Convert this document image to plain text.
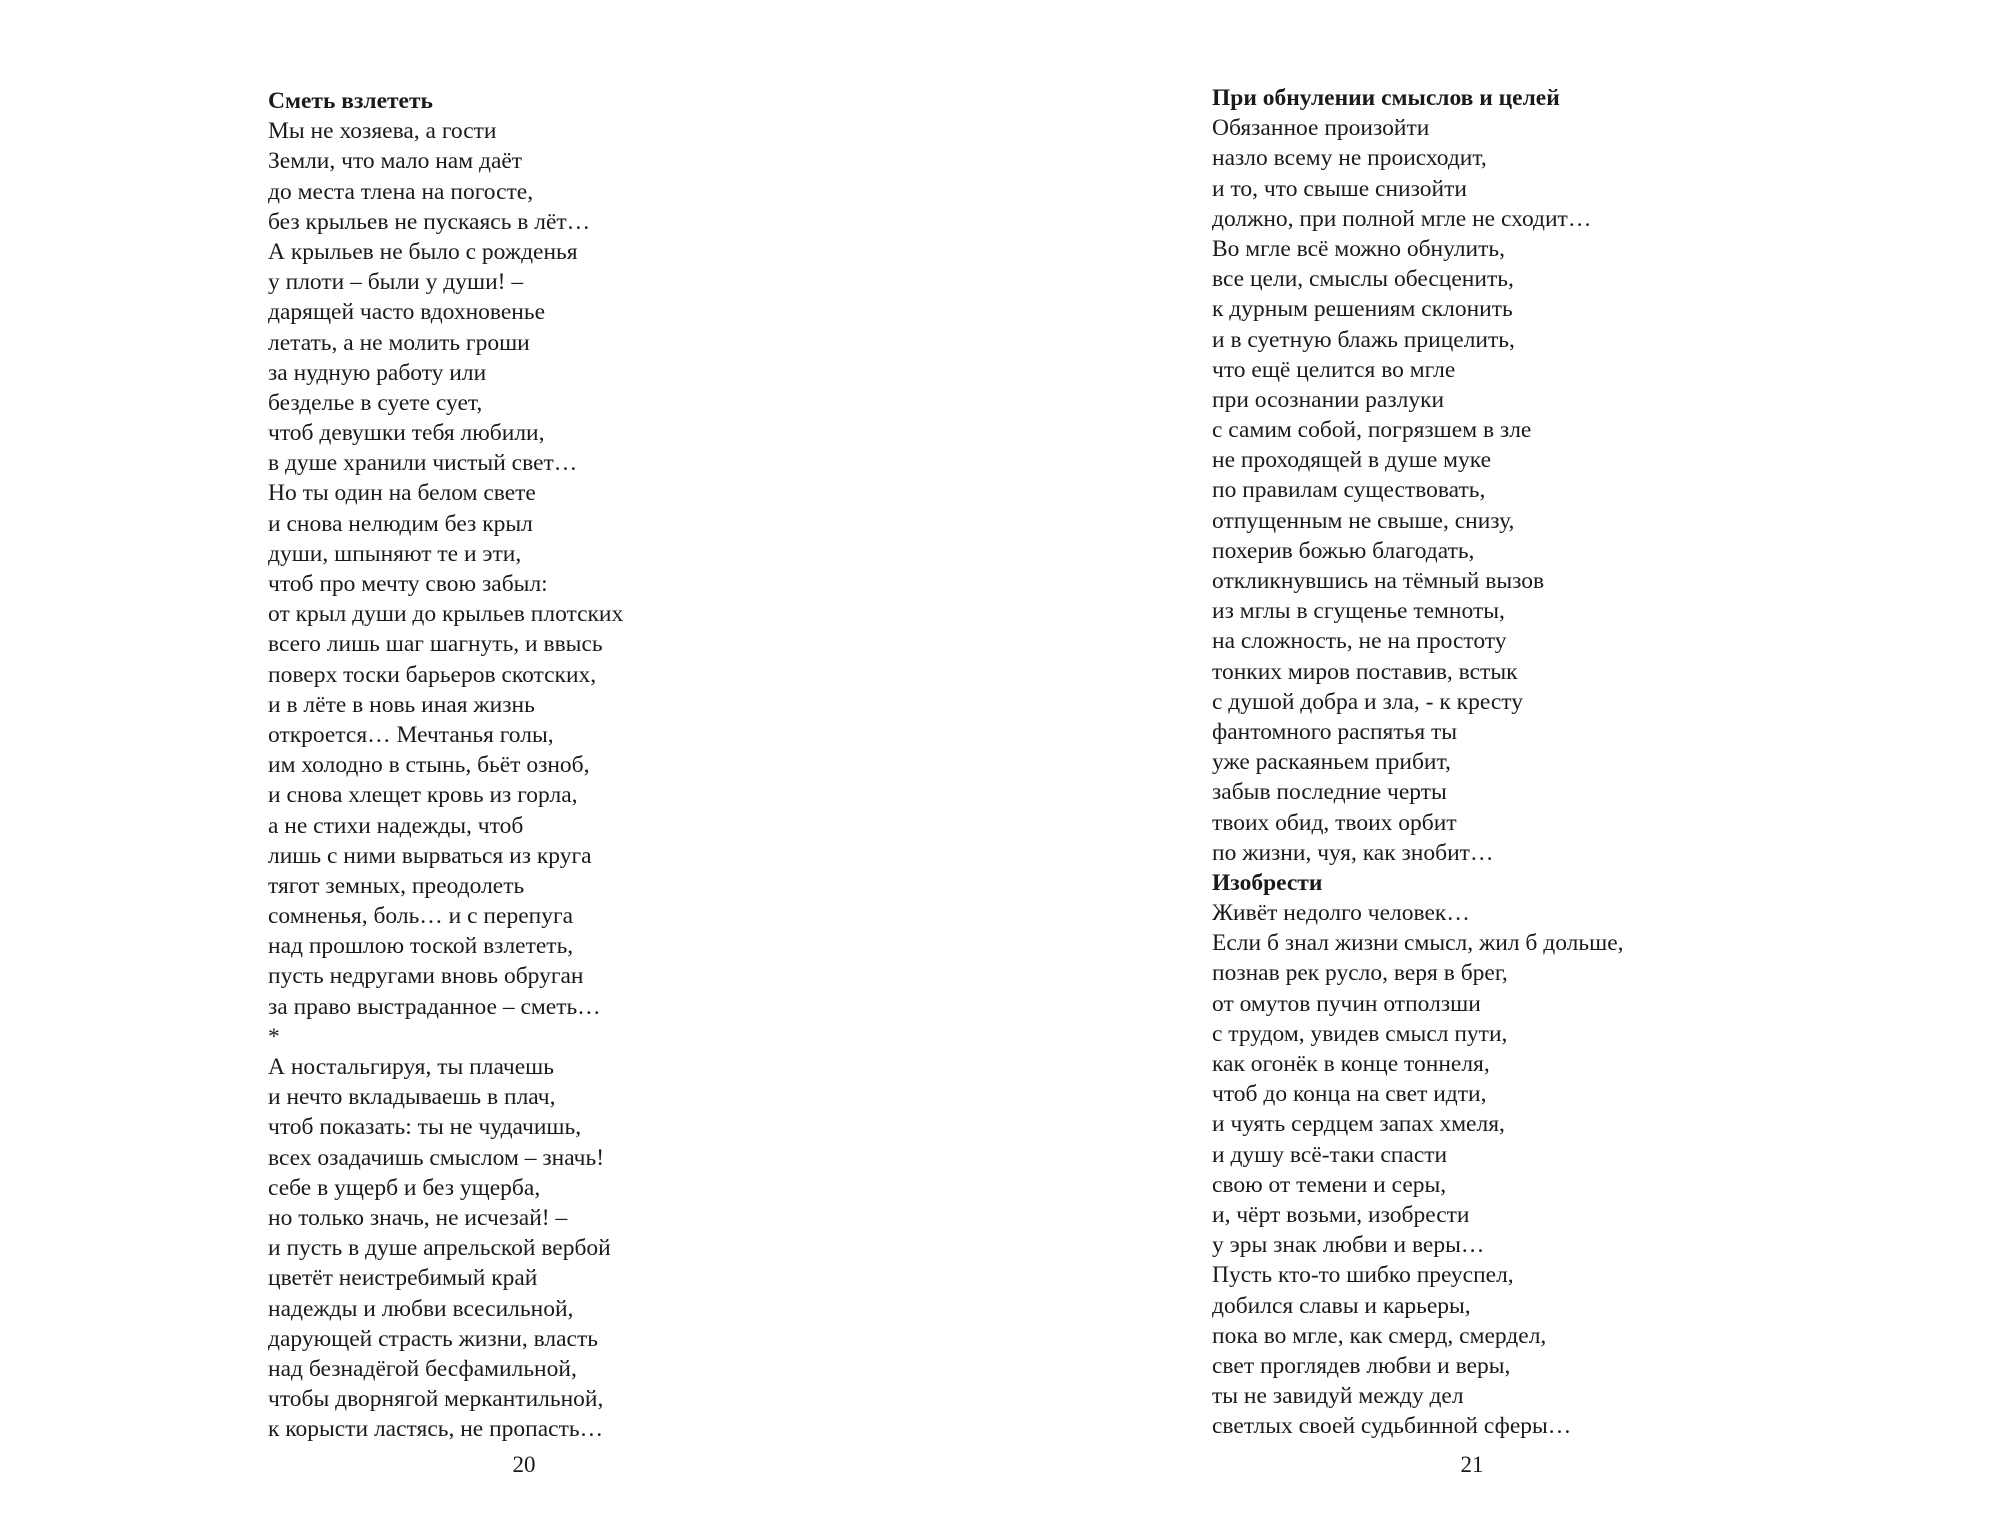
Сметь взлететь
Мы не хозяева, а гости
Земли, что мало нам даёт
до места тлена на погосте,
без крыльев не пускаясь в лёт…
А крыльев не было с рожденья
у плоти – были у души! –
дарящей часто вдохновенье
летать, а не молить гроши
за нудную работу или
безделье в суете сует,
чтоб девушки тебя любили,
в душе хранили чистый свет…
Но ты один на белом свете
и снова нелюдим без крыл
души, шпыняют те и эти,
чтоб про мечту свою забыл:
от крыл души до крыльев плотских
всего лишь шаг шагнуть, и ввысь
поверх тоски барьеров скотских,
и в лёте в новь иная жизнь
откроется… Мечтанья голы,
им холодно в стынь, бьёт озноб,
и снова хлещет кровь из горла,
а не стихи надежды, чтоб
лишь с ними вырваться из круга
тягот земных, преодолеть
сомненья, боль… и с перепуга
над прошлою тоской взлететь,
пусть недругами вновь обруган
за право выстраданное – сметь…
*
А ностальгируя, ты плачешь
и нечто вкладываешь в плач,
чтоб показать: ты не чудачишь,
всех озадачишь смыслом – значь!
себе в ущерб и без ущерба,
но только значь, не исчезай! –
и пусть в душе апрельской вербой
цветёт неистребимый край
надежды и любви всесильной,
дарующей страсть жизни, власть
над безнадёгой бесфамильной,
чтобы дворнягой меркантильной,
к корысти ластясь, не пропасть…
20
При обнулении смыслов и целей
Обязанное произойти
назло всему не происходит,
и то, что свыше снизойти
должно, при полной мгле не сходит…
Во мгле всё можно обнулить,
все цели, смыслы обесценить,
к дурным решениям склонить
и в суетную блажь прицелить,
что ещё целится во мгле
при осознании разлуки
с самим собой, погрязшем в зле
не проходящей в душе муке
по правилам существовать,
отпущенным не свыше, снизу,
похерив божью благодать,
откликнувшись на тёмный вызов
из мглы в сгущенье темноты,
на сложность, не на простоту
тонких миров поставив, встык
с душой добра и зла, - к кресту
фантомного распятья ты
уже раскаяньем прибит,
забыв последние черты
твоих обид, твоих орбит
по жизни, чуя, как знобит…
Изобрести
Живёт недолго человек…
Если б знал жизни смысл, жил б дольше,
познав рек русло, веря в брег,
от омутов пучин отползши
с трудом, увидев смысл пути,
как огонёк в конце тоннеля,
чтоб до конца на свет идти,
и чуять сердцем запах хмеля,
и душу всё-таки спасти
свою от темени и серы,
и, чёрт возьми, изобрести
у эры знак любви и веры…
Пусть кто-то шибко преуспел,
добился славы и карьеры,
пока во мгле, как смерд, смердел,
свет проглядев любви и веры,
ты не завидуй между дел
светлых своей судьбинной сферы…
21
